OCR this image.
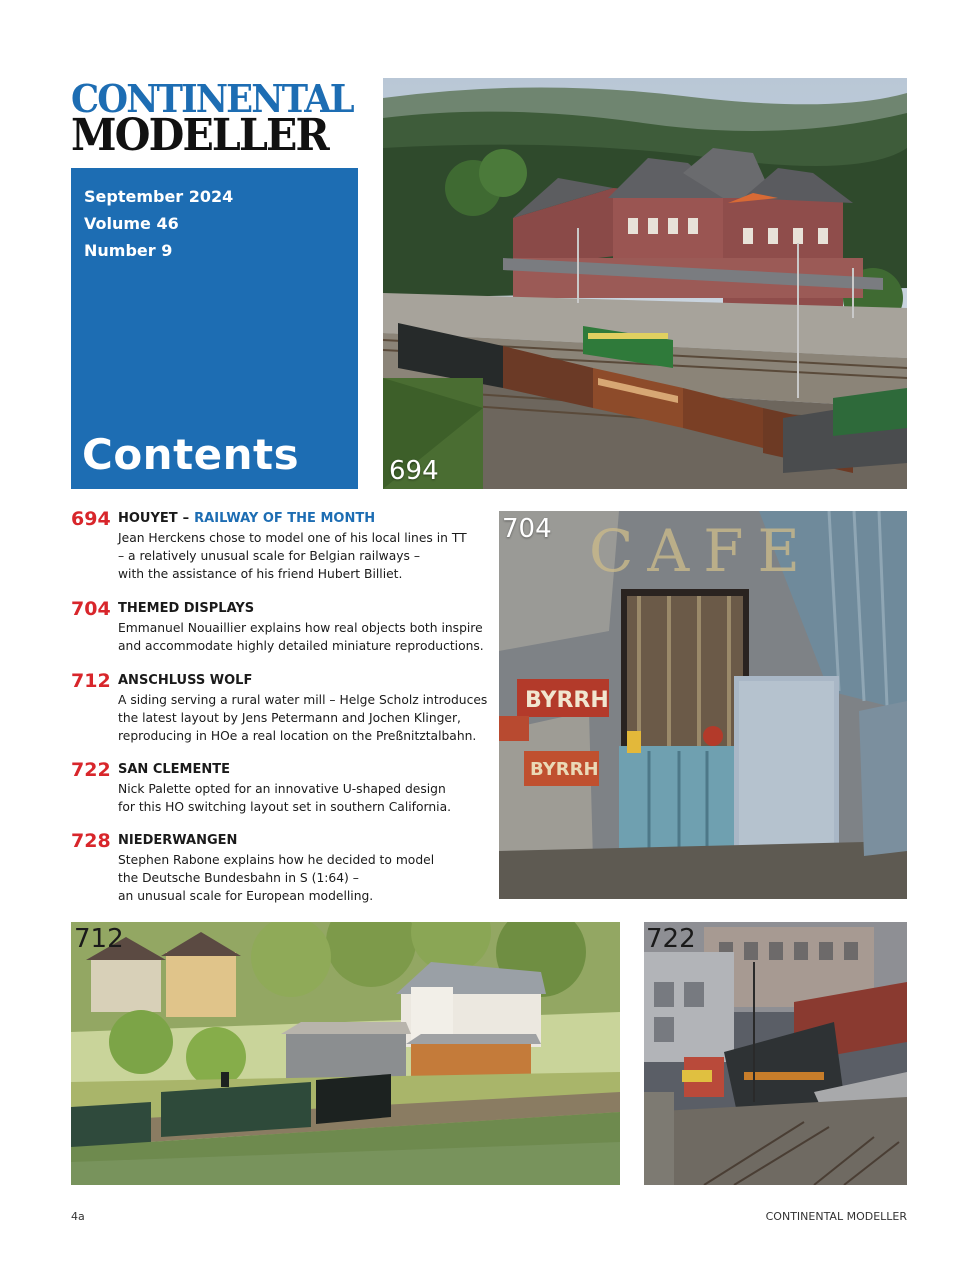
CONTINENTAL
MODELLER
September 2024
Volume 46
Number 9
Contents	694
CAFE
BYRRH
BYRRH
704
694 HOUYET – RAILWAY OF THE MONTH
Jean Herckens chose to model one of his local lines in TT
– a relatively unusual scale for Belgian railways –
with the assistance of his friend Hubert Billiet.
704 THEMED DISPLAYS
Emmanuel Nouaillier explains how real objects both inspire
and accommodate highly detailed miniature reproductions.
712 ANSCHLUSS WOLF
A siding serving a rural water mill – Helge Scholz introduces
the latest layout by Jens Petermann and Jochen Klinger,
reproducing in HOe a real location on the Preßnitztalbahn.
722 SAN CLEMENTE
Nick Palette opted for an innovative U-shaped design
for this HO switching layout set in southern California.
728 NIEDERWANGEN
Stephen Rabone explains how he decided to model
the Deutsche Bundesbahn in S (1:64) –
an unusual scale for European modelling.
712	722
4a	CONTINENTAL MODELLER
